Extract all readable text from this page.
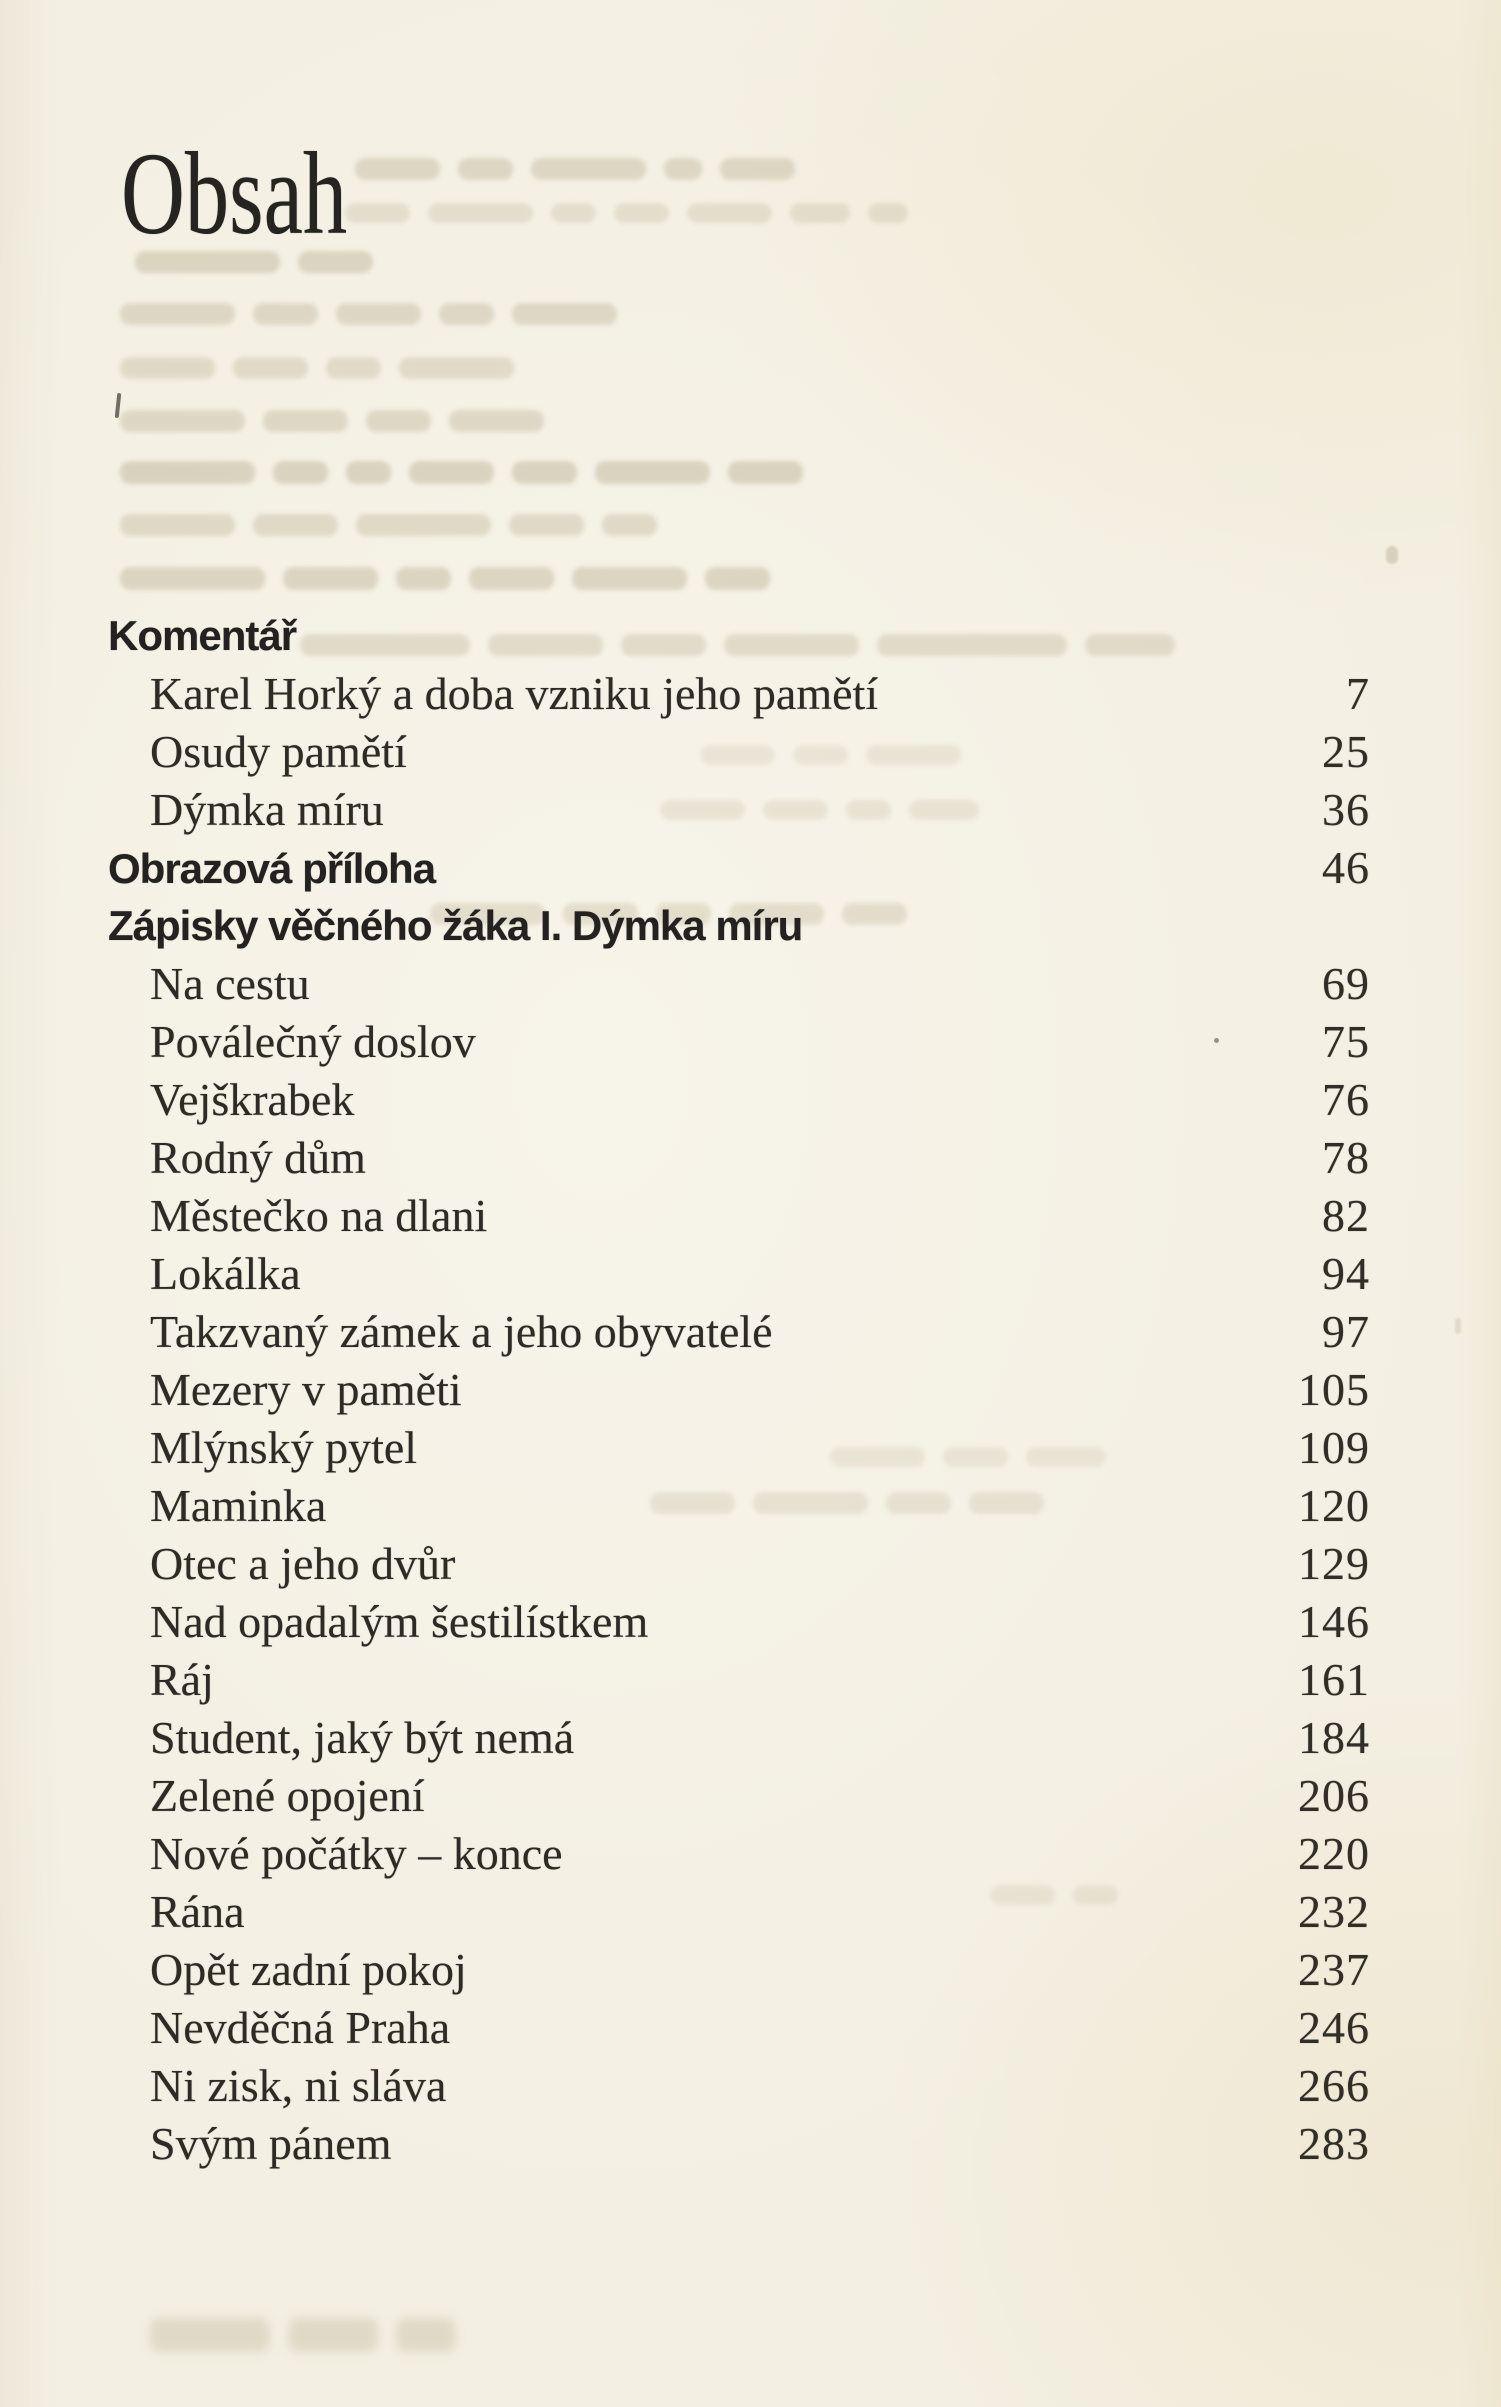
Obsah
Komentář
Karel Horký a doba vzniku jeho pamětí	7
Osudy pamětí	25
Dýmka míru	36
Obrazová příloha	46
Zápisky věčného žáka I. Dýmka míru
Na cestu	69
Poválečný doslov	75
Vejškrabek	76
Rodný dům	78
Městečko na dlani	82
Lokálka	94
Takzvaný zámek a jeho obyvatelé	97
Mezery v paměti	105
Mlýnský pytel	109
Maminka	120
Otec a jeho dvůr	129
Nad opadalým šestilístkem	146
Ráj	161
Student, jaký být nemá	184
Zelené opojení	206
Nové počátky – konce	220
Rána	232
Opět zadní pokoj	237
Nevděčná Praha	246
Ni zisk, ni sláva	266
Svým pánem	283
